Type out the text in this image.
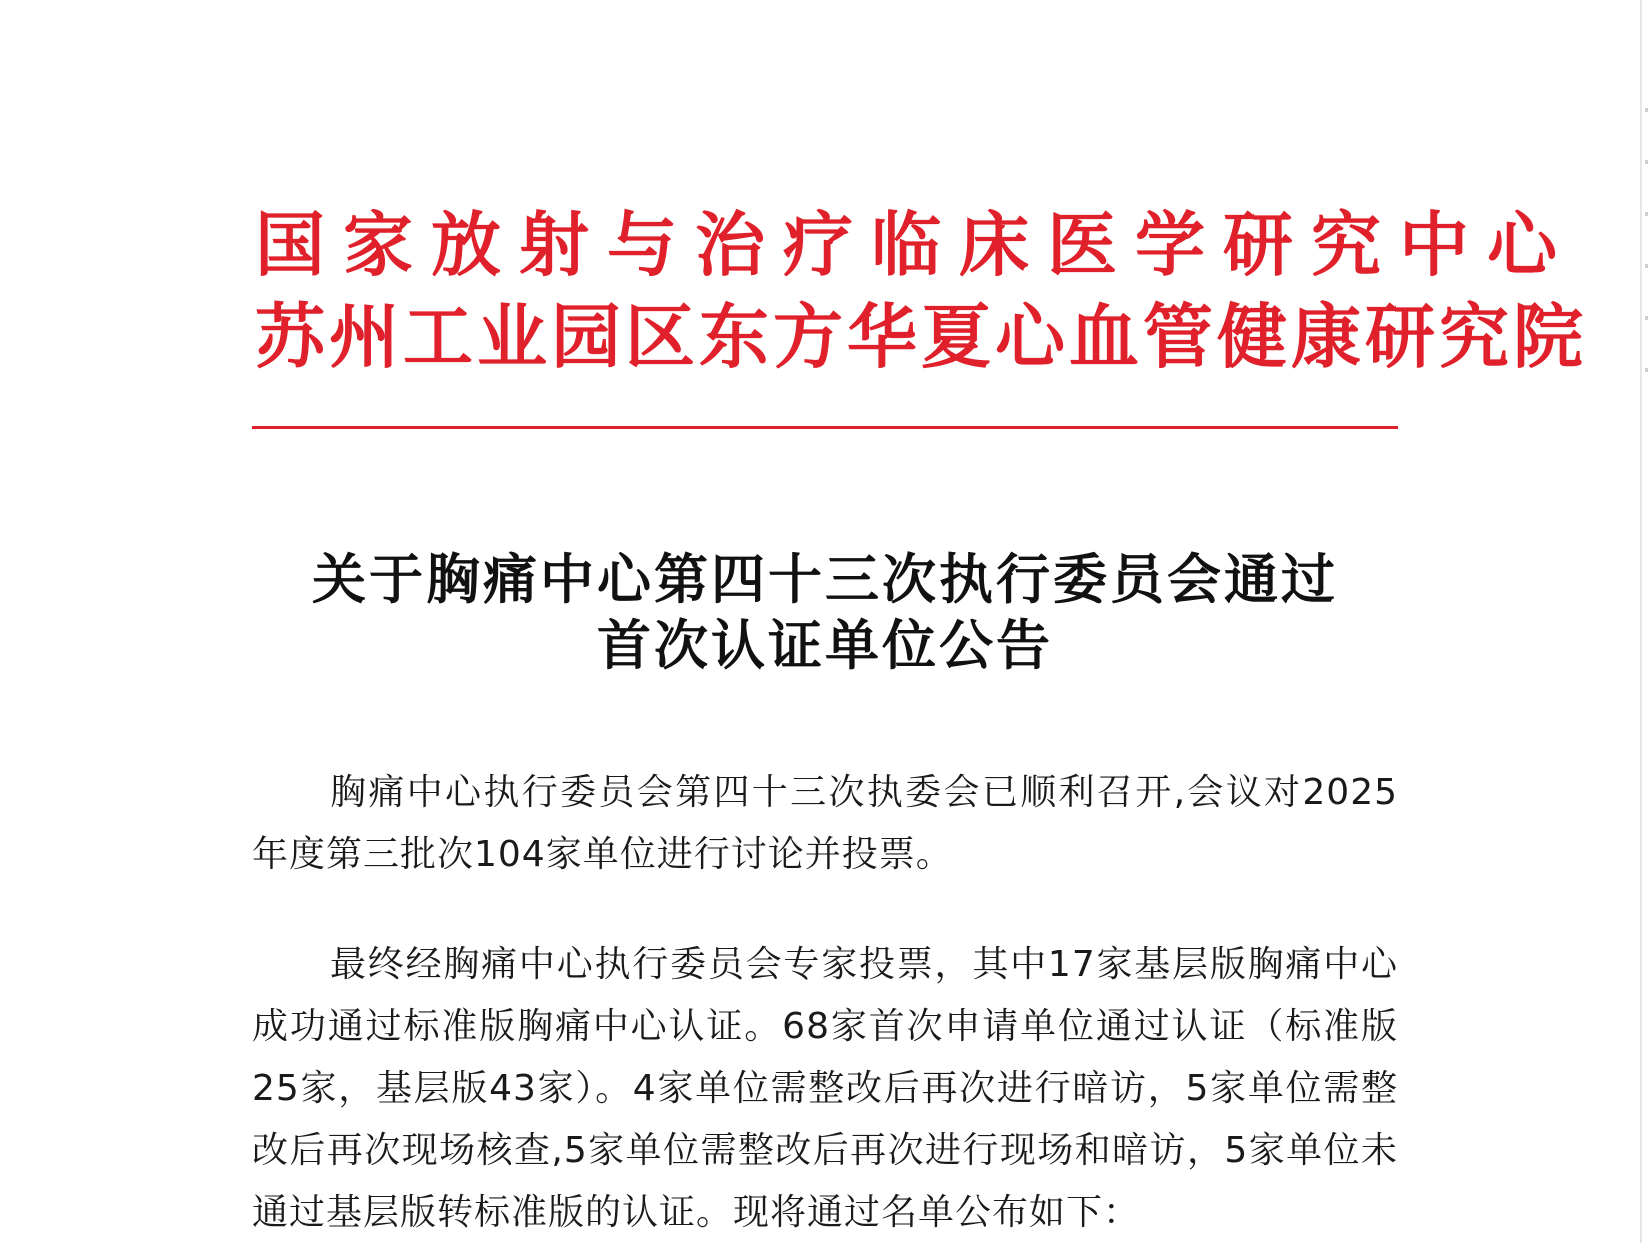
国家放射与治疗临床医学研究中心
苏州工业园区东方华夏心血管健康研究院
关于胸痛中心第四十三次执行委员会通过
首次认证单位公告

胸痛中心执行委员会第四十三次执委会已顺利召开,会议对2025年度第三批次104家单位进行讨论并投票。

最终经胸痛中心执行委员会专家投票，其中17家基层版胸痛中心成功通过标准版胸痛中心认证。68家首次申请单位通过认证（标准版25家，基层版43家）。4家单位需整改后再次进行暗访，5家单位需整改后再次现场核查,5家单位需整改后再次进行现场和暗访，5家单位未通过基层版转标准版的认证。现将通过名单公布如下：
